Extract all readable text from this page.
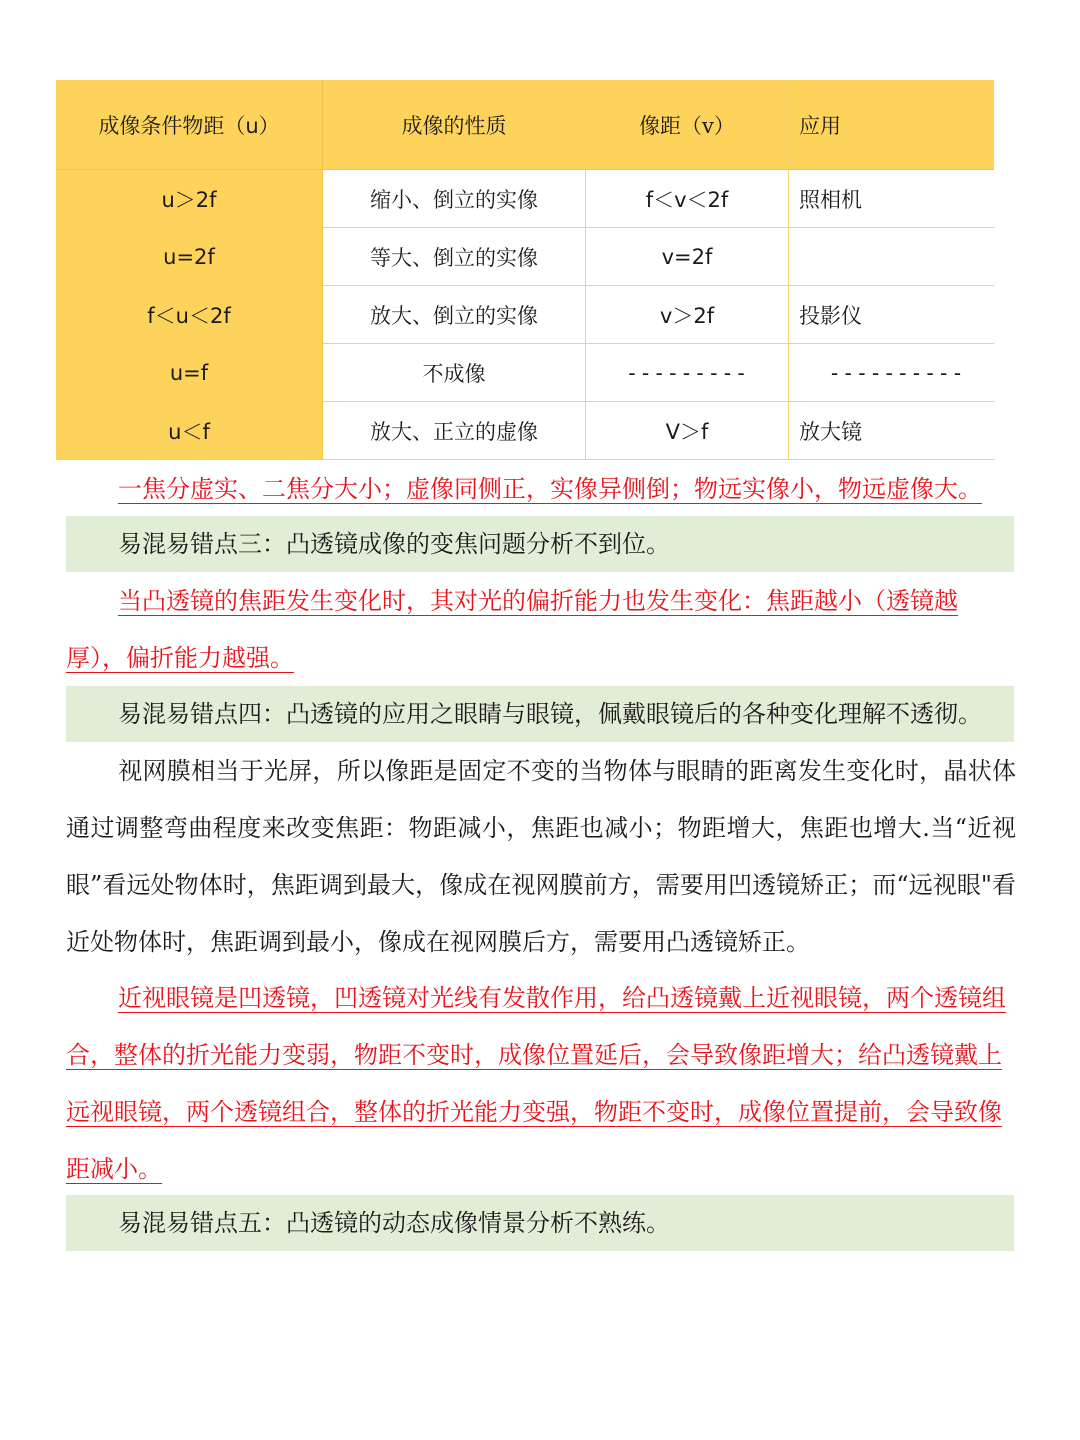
成像条件物距（u）	成像的性质	像距（v）	应用
u＞2f	缩小、倒立的实像	f＜v＜2f	照相机
u=2f	等大、倒立的实像	v=2f	
f＜u＜2f	放大、倒立的实像	v＞2f	投影仪
u=f	不成像	---------	----------
u＜f	放大、正立的虚像	V＞f	放大镜
一焦分虚实、二焦分大小；虚像同侧正，实像异侧倒；物远实像小，物远虚像大。
易混易错点三：凸透镜成像的变焦问题分析不到位。
当凸透镜的焦距发生变化时，其对光的偏折能力也发生变化：焦距越小（透镜越厚），偏折能力越强。
易混易错点四：凸透镜的应用之眼睛与眼镜，佩戴眼镜后的各种变化理解不透彻。
视网膜相当于光屏，所以像距是固定不变的当物体与眼睛的距离发生变化时，晶状体通过调整弯曲程度来改变焦距：物距减小，焦距也减小；物距增大，焦距也增大.当“近视眼”看远处物体时，焦距调到最大，像成在视网膜前方，需要用凹透镜矫正；而“远视眼"看近处物体时，焦距调到最小，像成在视网膜后方，需要用凸透镜矫正。
近视眼镜是凹透镜，凹透镜对光线有发散作用，给凸透镜戴上近视眼镜，两个透镜组合，整体的折光能力变弱，物距不变时，成像位置延后，会导致像距增大；给凸透镜戴上远视眼镜，两个透镜组合，整体的折光能力变强，物距不变时，成像位置提前，会导致像距减小。
易混易错点五：凸透镜的动态成像情景分析不熟练。
